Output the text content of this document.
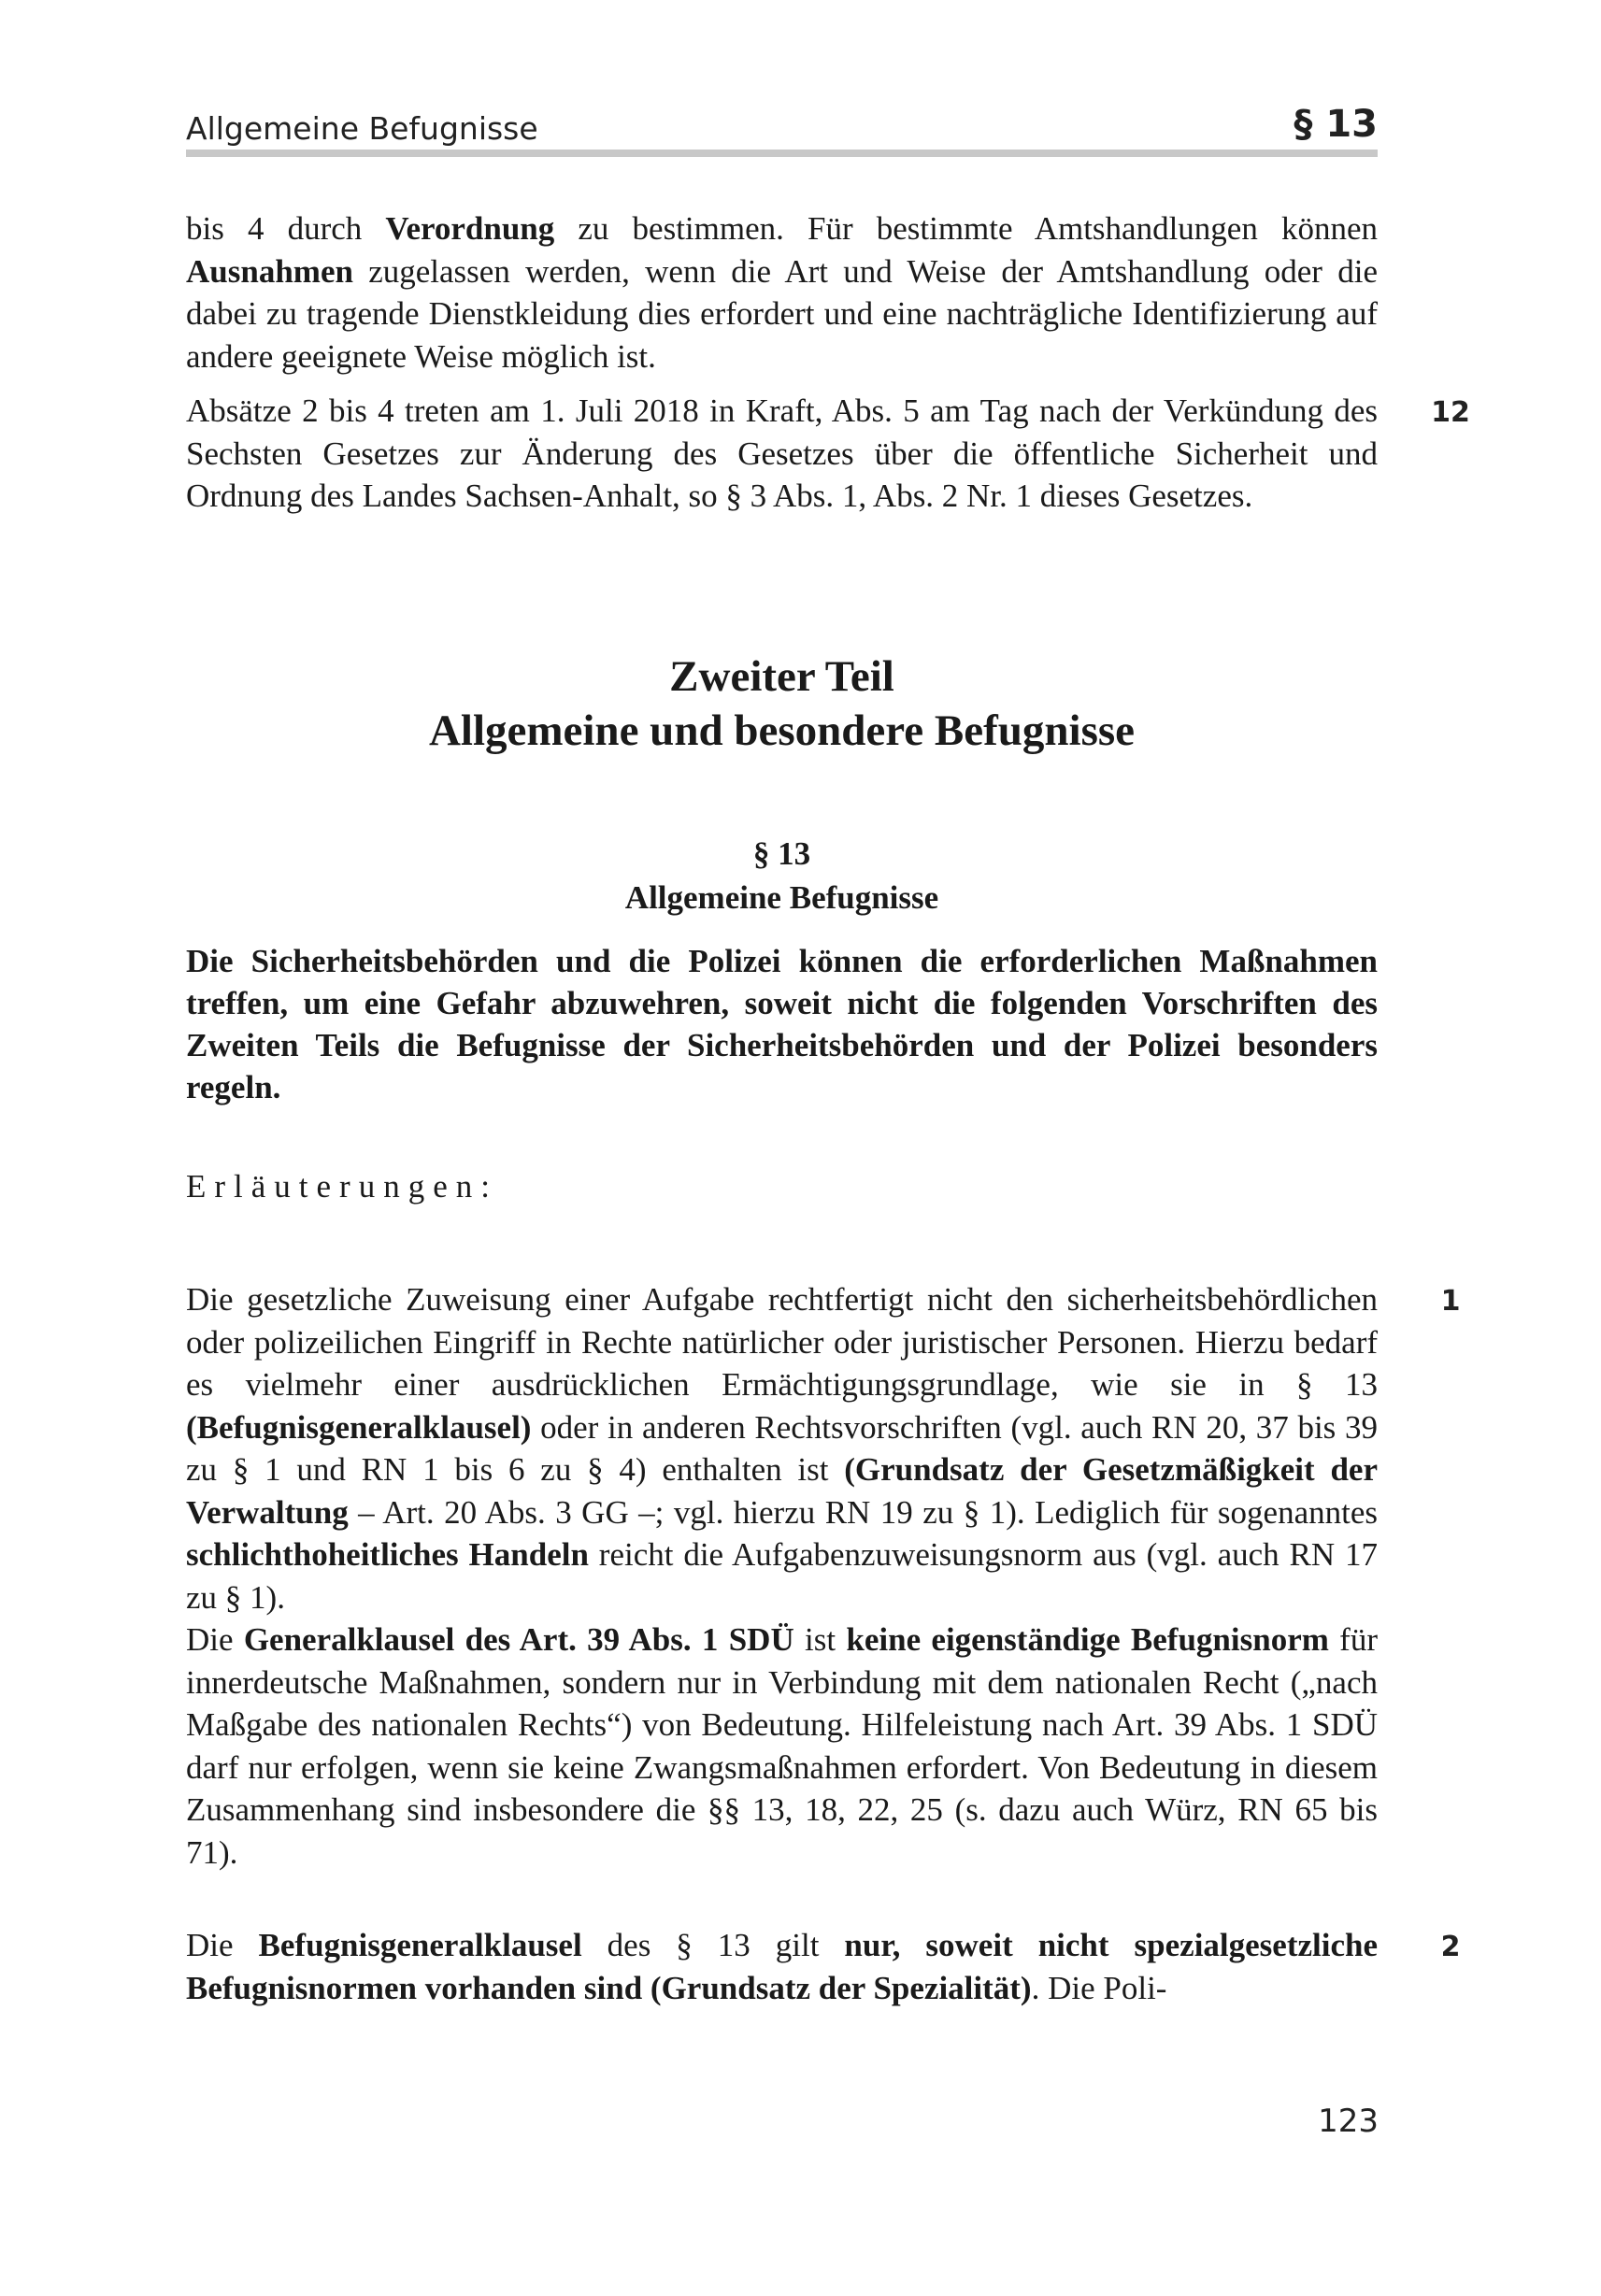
Allgemeine Befugnisse	§ 13

bis 4 durch Verordnung zu bestimmen. Für bestimmte Amtshandlungen können Ausnahmen zugelassen werden, wenn die Art und Weise der Amtshandlung oder die dabei zu tragende Dienstkleidung dies erfordert und eine nachträgliche Identifizierung auf andere geeignete Weise möglich ist.

12

Absätze 2 bis 4 treten am 1. Juli 2018 in Kraft, Abs. 5 am Tag nach der Verkündung des Sechsten Gesetzes zur Änderung des Gesetzes über die öffentliche Sicherheit und Ordnung des Landes Sachsen-Anhalt, so § 3 Abs. 1, Abs. 2 Nr. 1 dieses Gesetzes.

Zweiter Teil
Allgemeine und besondere Befugnisse
§ 13
Allgemeine Befugnisse

Die Sicherheitsbehörden und die Polizei können die erforderlichen Maßnahmen treffen, um eine Gefahr abzuwehren, soweit nicht die folgenden Vorschriften des Zweiten Teils die Befugnisse der Sicherheitsbehörden und der Polizei besonders regeln.

Erläuterungen:
1

Die gesetzliche Zuweisung einer Aufgabe rechtfertigt nicht den sicherheitsbehördlichen oder polizeilichen Eingriff in Rechte natürlicher oder juristischer Personen. Hierzu bedarf es vielmehr einer ausdrücklichen Ermächtigungsgrundlage, wie sie in § 13 (Befugnisgeneralklausel) oder in anderen Rechtsvorschriften (vgl. auch RN 20, 37 bis 39 zu § 1 und RN 1 bis 6 zu § 4) enthalten ist (Grundsatz der Gesetzmäßigkeit der Verwaltung – Art. 20 Abs. 3 GG –; vgl. hierzu RN 19 zu § 1). Lediglich für sogenanntes schlichthoheitliches Handeln reicht die Aufgabenzuweisungsnorm aus (vgl. auch RN 17 zu § 1).

Die Generalklausel des Art. 39 Abs. 1 SDÜ ist keine eigenständige Befugnisnorm für innerdeutsche Maßnahmen, sondern nur in Verbindung mit dem nationalen Recht („nach Maßgabe des nationalen Rechts“) von Bedeutung. Hilfeleistung nach Art. 39 Abs. 1 SDÜ darf nur erfolgen, wenn sie keine Zwangsmaßnahmen erfordert. Von Bedeutung in diesem Zusammenhang sind insbesondere die §§ 13, 18, 22, 25 (s. dazu auch Würz, RN 65 bis 71).

2

Die Befugnisgeneralklausel des § 13 gilt nur, soweit nicht spezialgesetzliche Befugnisnormen vorhanden sind (Grundsatz der Spezialität). Die Poli-

123
